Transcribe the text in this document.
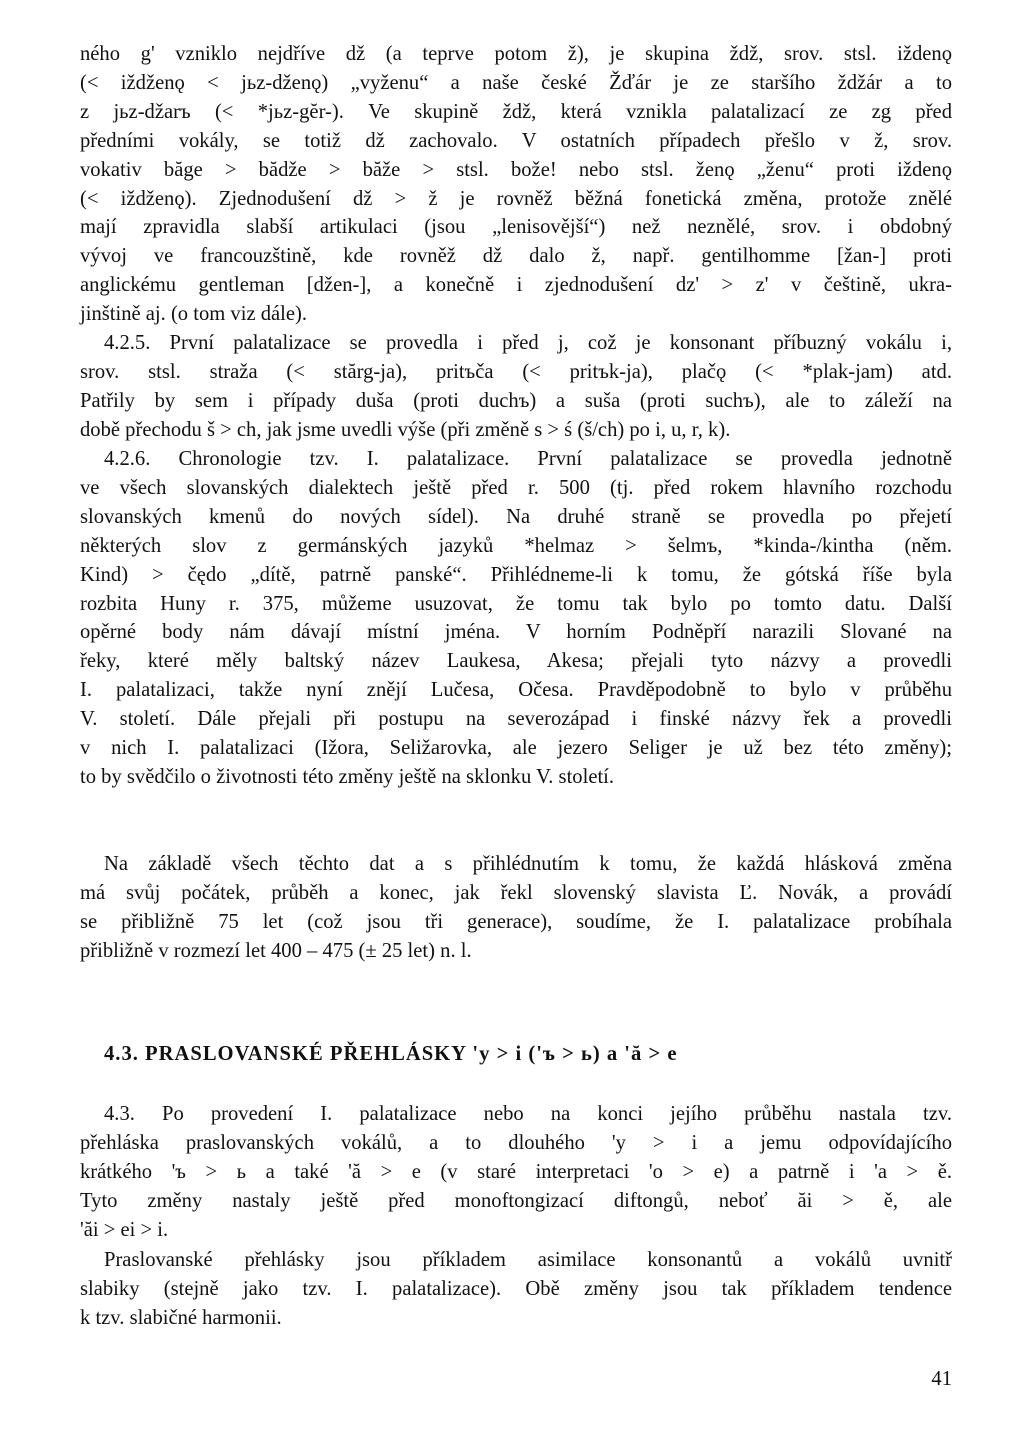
ného g' vzniklo nejdříve dž (a teprve potom ž), je skupina ždž, srov. stsl. iždenǫ
(< iždženǫ < jьz-dženǫ) „vyženu“ a naše české Žďár je ze staršího ždžár a to
z jьz-džarъ (< *jьz-gĕr-). Ve skupině ždž, která vznikla palatalizací ze zg před
předními vokály, se totiž dž zachovalo. V ostatních případech přešlo v ž, srov.
vokativ băge > bădže > băže > stsl. bože! nebo stsl. ženǫ „ženu“ proti iždenǫ
(< iždženǫ). Zjednodušení dž > ž je rovněž běžná fonetická změna, protože znělé
mají zpravidla slabší artikulaci (jsou „lenisovější“) než neznělé, srov. i obdobný
vývoj ve francouzštině, kde rovněž dž dalo ž, např. gentilhomme [žan-] proti
anglickému gentleman [džen-], a konečně i zjednodušení dz' > z' v češtině, ukra-
jinštině aj. (o tom viz dále).

4.2.5. První palatalizace se provedla i před j, což je konsonant příbuzný vokálu i,
srov. stsl. straža (< stărg-ja), pritъča (< pritъk-ja), plačǫ (< *plak-jam) atd.
Patřily by sem i případy duša (proti duchъ) a suša (proti suchъ), ale to záleží na
době přechodu š > ch, jak jsme uvedli výše (při změně s > ś (š/ch) po i, u, r, k).

4.2.6. Chronologie tzv. I. palatalizace. První palatalizace se provedla jednotně
ve všech slovanských dialektech ještě před r. 500 (tj. před rokem hlavního rozchodu
slovanských kmenů do nových sídel). Na druhé straně se provedla po přejetí
některých slov z germánských jazyků *helmaz > šelmъ, *kinda-/kintha (něm.
Kind) > čędo „dítě, patrně panské“. Přihlédneme-li k tomu, že gótská říše byla
rozbita Huny r. 375, můžeme usuzovat, že tomu tak bylo po tomto datu. Další
opěrné body nám dávají místní jména. V horním Podněpří narazili Slované na
řeky, které měly baltský název Laukesa, Akesa; přejali tyto názvy a provedli
I. palatalizaci, takže nyní znějí Lučesa, Očesa. Pravděpodobně to bylo v průběhu
V. století. Dále přejali při postupu na severozápad i finské názvy řek a provedli
v nich I. palatalizaci (Ižora, Seližarovka, ale jezero Seliger je už bez této změny);
to by svědčilo o životnosti této změny ještě na sklonku V. století.

Na základě všech těchto dat a s přihlédnutím k tomu, že každá hlásková změna
má svůj počátek, průběh a konec, jak řekl slovenský slavista Ľ. Novák, a provádí
se přibližně 75 let (což jsou tři generace), soudíme, že I. palatalizace probíhala
přibližně v rozmezí let 400 – 475 (± 25 let) n. l.

4.3. PRASLOVANSKÉ PŘEHLÁSKY 'y > i ('ъ > ь) a 'ă > e

4.3. Po provedení I. palatalizace nebo na konci jejího průběhu nastala tzv.
přehláska praslovanských vokálů, a to dlouhého 'y > i a jemu odpovídajícího
krátkého 'ъ > ь a také 'ă > e (v staré interpretaci 'o > e) a patrně i 'a > ě.
Tyto změny nastaly ještě před monoftongizací diftongů, neboť ăi > ě, ale
'ăi > ei > i.

Praslovanské přehlásky jsou příkladem asimilace konsonantů a vokálů uvnitř
slabiky (stejně jako tzv. I. palatalizace). Obě změny jsou tak příkladem tendence
k tzv. slabičné harmonii.

41
